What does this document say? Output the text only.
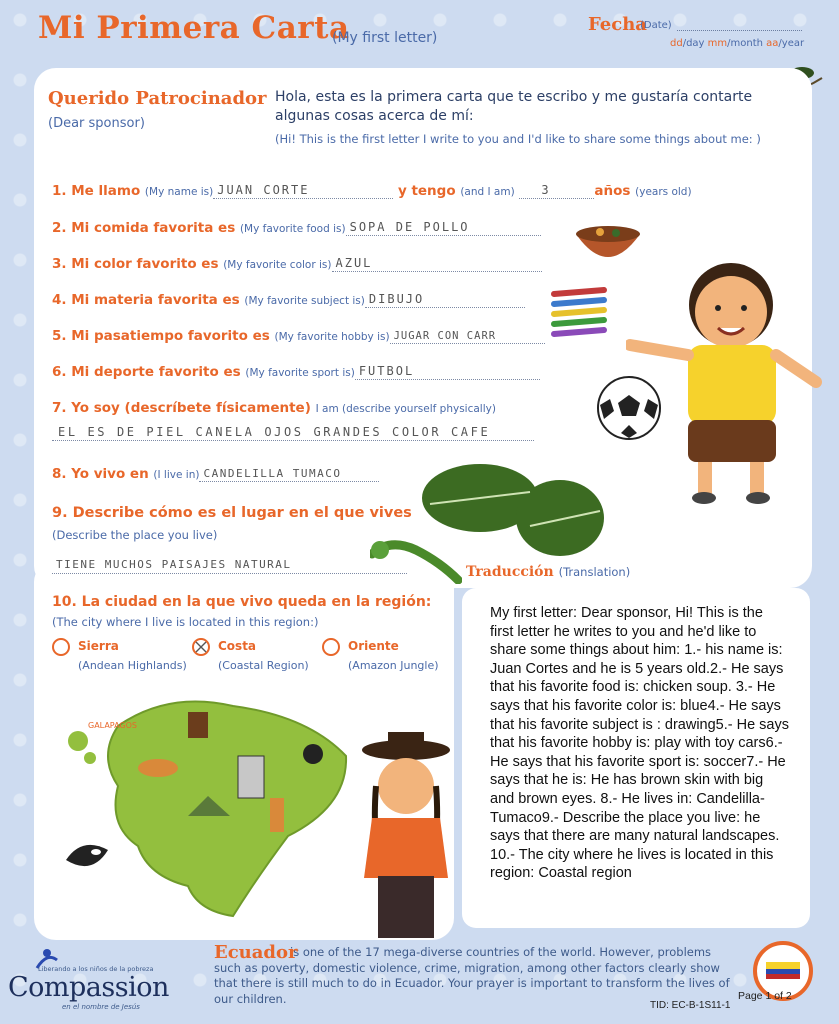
Mi Primera Carta
(My first letter)
Fecha
(Date)
dd/day mm/month aa/year
Querido Patrocinador
(Dear sponsor)
Hola, esta es la primera carta que te escribo y me gustaría contarte algunas cosas acerca de mí:
(Hi! This is the first letter I write to you and I'd like to share some things about me: )
1. Me llamo (My name is) JUAN CORTE	y tengo (and I am) 3	años (years old)
2. Mi comida favorita es (My favorite food is) SOPA DE POLLO
3. Mi color favorito es (My favorite color is) AZUL
4. Mi materia favorita es (My favorite subject is) DIBUJO
5. Mi pasatiempo favorito es (My favorite hobby is) JUGAR CON CARR
6. Mi deporte favorito es (My favorite sport is) FUTBOL
7. Yo soy (descríbete físicamente) I am (describe yourself physically)
EL ES DE PIEL CANELA OJOS GRANDES COLOR CAFE
8. Yo vivo en (I live in) CANDELILLA TUMACO
9. Describe cómo es el lugar en el que vives
(Describe the place you live)
TIENE MUCHOS PAISAJES NATURAL
10. La ciudad en la que vivo queda en la región:
(The city where I live is located in this region:)
Sierra
(Andean Highlands)
Costa
(Coastal Region)
Oriente
(Amazon Jungle)
GALAPAGOS
Traducción (Translation)
My first letter: Dear sponsor, Hi! This is the first letter he writes to you and he'd like to share some things about him: 1.- his name is: Juan Cortes and he is 5 years old.2.- He says that his favorite food is: chicken soup. 3.- He says that his favorite color is: blue4.- He says that his favorite subject is : drawing5.- He says that his favorite hobby is: play with toy cars6.- He says that his favorite sport is: soccer7.- He says that he is: He has brown skin with big and brown eyes. 8.- He lives in: Candelilla-Tumaco9.- Describe the place you live: he says that there are many natural landscapes. 10.- The city where he lives is located in this region: Coastal region
is one of the 17 mega-diverse countries of the world. However, problems such as poverty, domestic violence, crime, migration, among other factors clearly show that there is still much to do in Ecuador. Your prayer is important to transform the lives of our children.
Ecuador
Page 1 of 2
TID: EC-B-1S11-1
Liberando a los niños de la pobreza
Compassion
en el nombre de Jesús
